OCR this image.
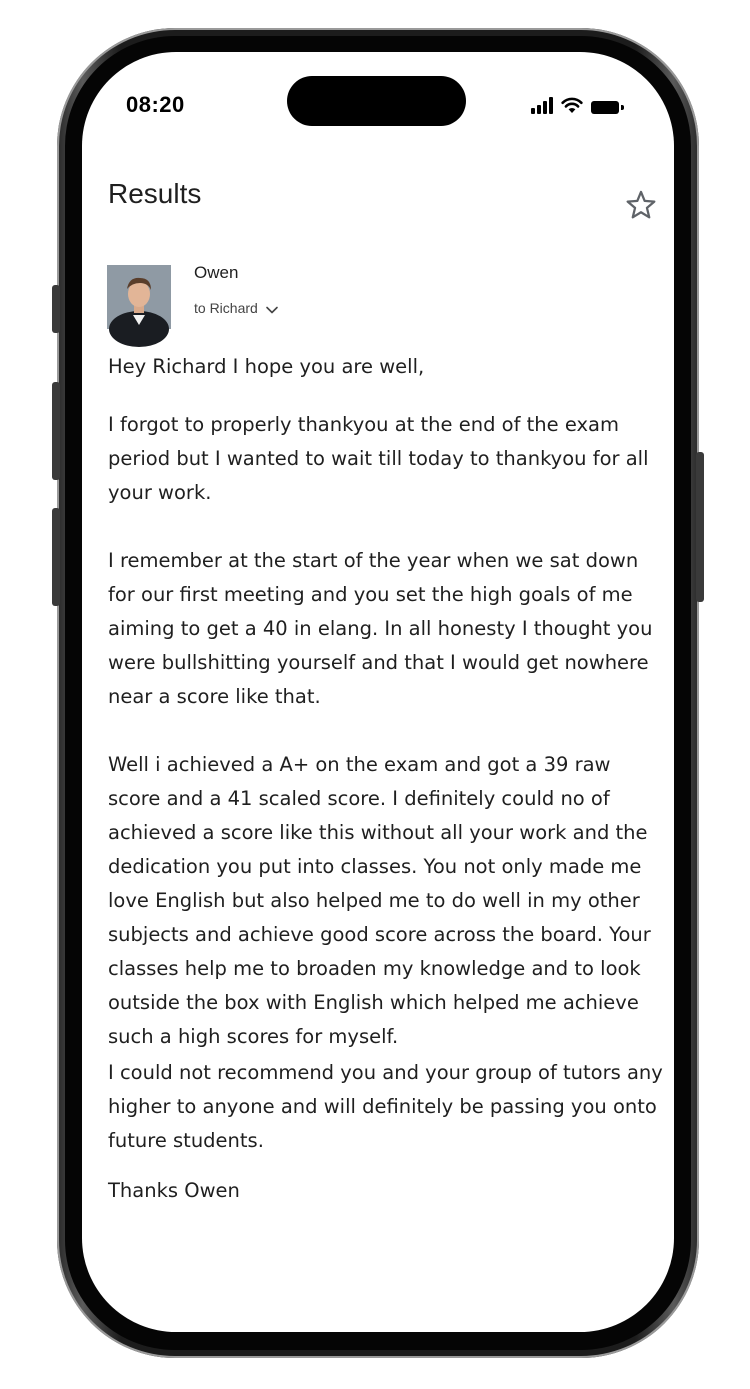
08:20
Results
Owen
to Richard

Hey Richard I hope you are well,

I forgot to properly thankyou at the end of the exam period but I wanted to wait till today to thankyou for all your work.

I remember at the start of the year when we sat down for our first meeting and you set the high goals of me aiming to get a 40 in elang. In all honesty I thought you were bullshitting yourself and that I would get nowhere near a score like that.

Well i achieved a A+ on the exam and got a 39 raw score and a 41 scaled score. I definitely could no of achieved a score like this without all your work and the dedication you put into classes. You not only made me love English but also helped me to do well in my other subjects and achieve good score across the board. Your classes help me to broaden my knowledge and to look outside the box with English which helped me achieve such a high scores for myself.

I could not recommend you and your group of tutors any higher to anyone and will definitely be passing you onto future students.

Thanks Owen
